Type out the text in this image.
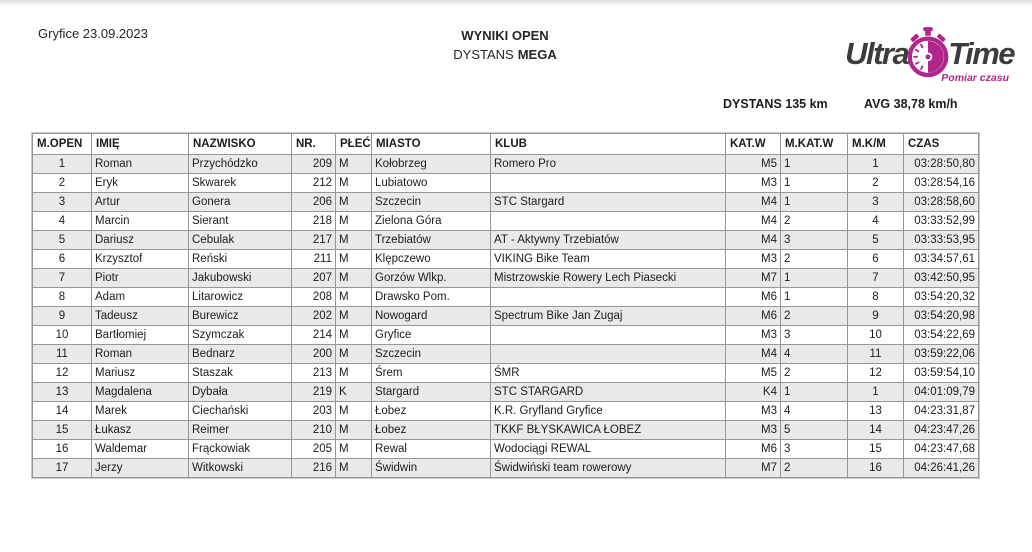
Gryfice 23.09.2023	WYNIKI OPEN
DYSTANS MEGA	Ultra Time
Pomiar czasu
DYSTANS 135 km	AVG 38,78 km/h
M.OPEN	IMIĘ	NAZWISKO	NR.	PŁEĆ	MIASTO	KLUB	KAT.W	M.KAT.W	M.K/M	CZAS
1	Roman	Przychódzko	209	M	Kołobrzeg	Romero Pro	M5	1	1	03:28:50,80
2	Eryk	Skwarek	212	M	Lubiatowo		M3	1	2	03:28:54,16
3	Artur	Gonera	206	M	Szczecin	STC Stargard	M4	1	3	03:28:58,60
4	Marcin	Sierant	218	M	Zielona Góra		M4	2	4	03:33:52,99
5	Dariusz	Cebulak	217	M	Trzebiatów	AT - Aktywny Trzebiatów	M4	3	5	03:33:53,95
6	Krzysztof	Reński	211	M	Klępczewo	VIKING Bike Team	M3	2	6	03:34:57,61
7	Piotr	Jakubowski	207	M	Gorzów Wlkp.	Mistrzowskie Rowery Lech Piasecki	M7	1	7	03:42:50,95
8	Adam	Litarowicz	208	M	Drawsko Pom.		M6	1	8	03:54:20,32
9	Tadeusz	Burewicz	202	M	Nowogard	Spectrum Bike Jan Zugaj	M6	2	9	03:54:20,98
10	Bartłomiej	Szymczak	214	M	Gryfice		M3	3	10	03:54:22,69
11	Roman	Bednarz	200	M	Szczecin		M4	4	11	03:59:22,06
12	Mariusz	Staszak	213	M	Śrem	ŚMR	M5	2	12	03:59:54,10
13	Magdalena	Dybała	219	K	Stargard	STC STARGARD	K4	1	1	04:01:09,79
14	Marek	Ciechański	203	M	Łobez	K.R. Gryfland Gryfice	M3	4	13	04:23:31,87
15	Łukasz	Reimer	210	M	Łobez	TKKF BŁYSKAWICA ŁOBEZ	M3	5	14	04:23:47,26
16	Waldemar	Frąckowiak	205	M	Rewal	Wodociągi REWAL	M6	3	15	04:23:47,68
17	Jerzy	Witkowski	216	M	Świdwin	Świdwiński team rowerowy	M7	2	16	04:26:41,26
